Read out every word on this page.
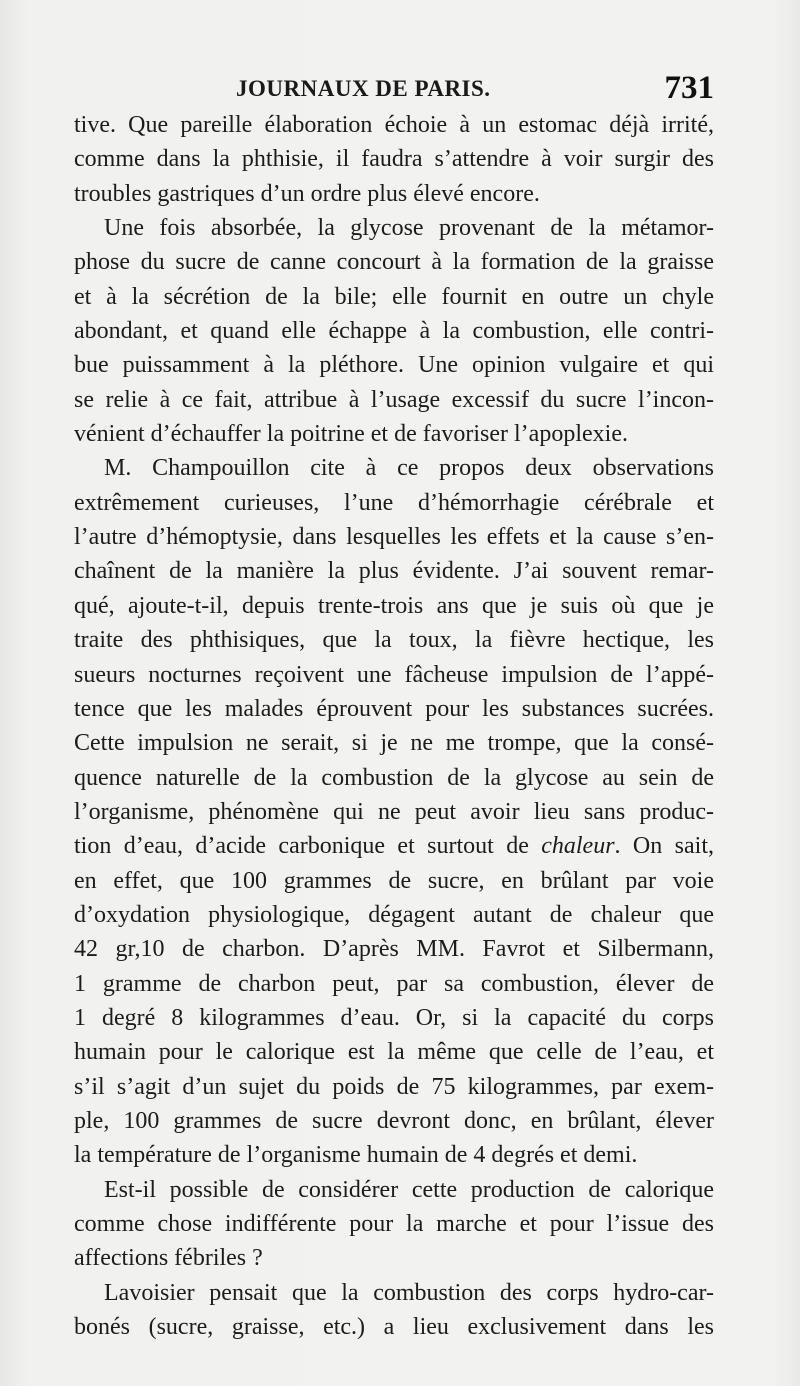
JOURNAUX DE PARIS.	731
tive. Que pareille élaboration échoie à un estomac déjà irrité,
comme dans la phthisie, il faudra s’attendre à voir surgir des
troubles gastriques d’un ordre plus élevé encore.
Une fois absorbée, la glycose provenant de la métamor-
phose du sucre de canne concourt à la formation de la graisse
et à la sécrétion de la bile; elle fournit en outre un chyle
abondant, et quand elle échappe à la combustion, elle contri-
bue puissamment à la pléthore. Une opinion vulgaire et qui
se relie à ce fait, attribue à l’usage excessif du sucre l’incon-
vénient d’échauffer la poitrine et de favoriser l’apoplexie.
M. Champouillon cite à ce propos deux observations
extrêmement curieuses, l’une d’hémorrhagie cérébrale et
l’autre d’hémoptysie, dans lesquelles les effets et la cause s’en-
chaînent de la manière la plus évidente. J’ai souvent remar-
qué, ajoute-t-il, depuis trente-trois ans que je suis où que je
traite des phthisiques, que la toux, la fièvre hectique, les
sueurs nocturnes reçoivent une fâcheuse impulsion de l’appé-
tence que les malades éprouvent pour les substances sucrées.
Cette impulsion ne serait, si je ne me trompe, que la consé-
quence naturelle de la combustion de la glycose au sein de
l’organisme, phénomène qui ne peut avoir lieu sans produc-
tion d’eau, d’acide carbonique et surtout de chaleur. On sait,
en effet, que 100 grammes de sucre, en brûlant par voie
d’oxydation physiologique, dégagent autant de chaleur que
42 gr,10 de charbon. D’après MM. Favrot et Silbermann,
1 gramme de charbon peut, par sa combustion, élever de
1 degré 8 kilogrammes d’eau. Or, si la capacité du corps
humain pour le calorique est la même que celle de l’eau, et
s’il s’agit d’un sujet du poids de 75 kilogrammes, par exem-
ple, 100 grammes de sucre devront donc, en brûlant, élever
la température de l’organisme humain de 4 degrés et demi.
Est-il possible de considérer cette production de calorique
comme chose indifférente pour la marche et pour l’issue des
affections fébriles ?
Lavoisier pensait que la combustion des corps hydro-car-
bonés (sucre, graisse, etc.) a lieu exclusivement dans les
